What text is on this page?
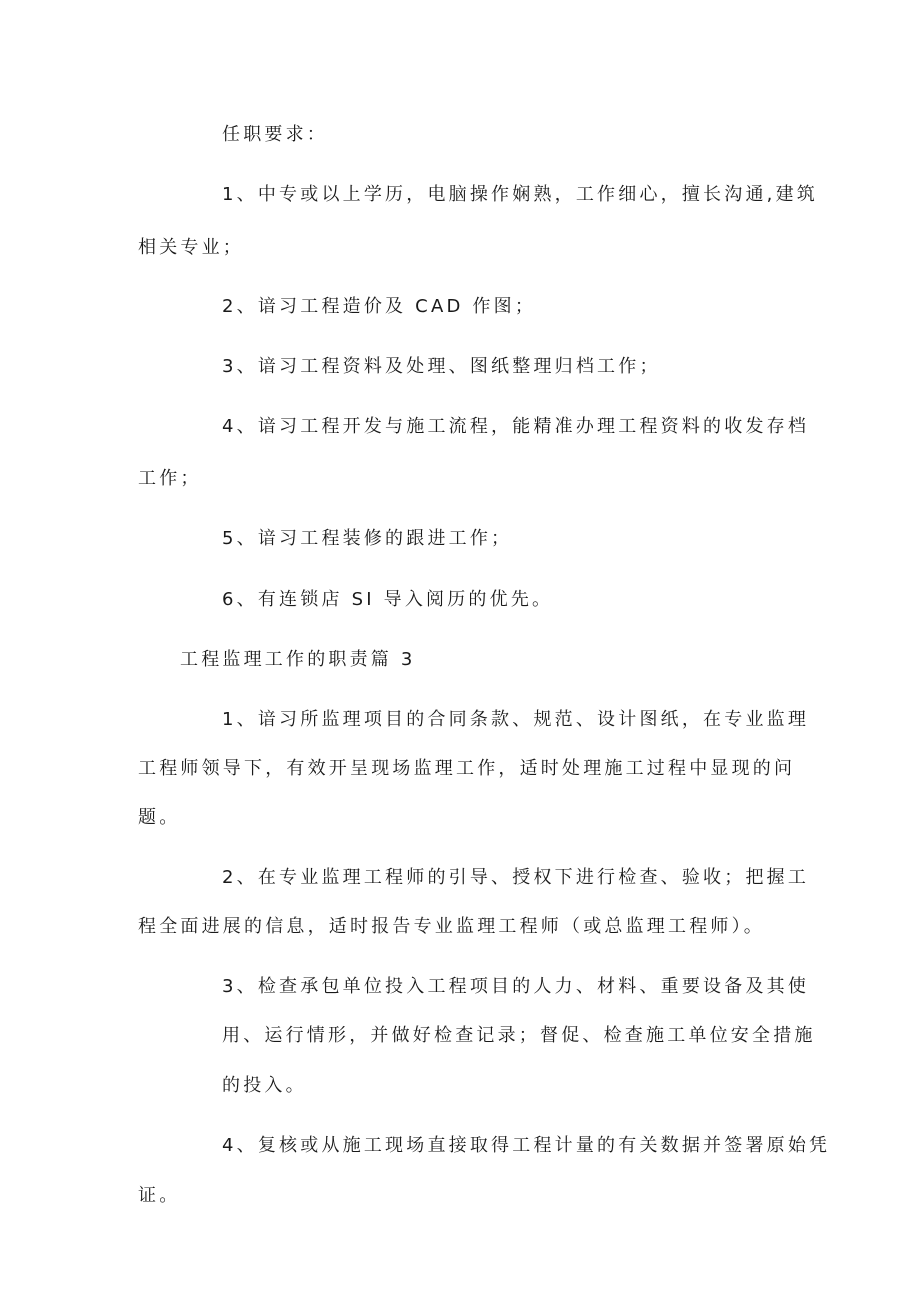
任职要求：
1、中专或以上学历，电脑操作娴熟，工作细心，擅长沟通,建筑
相关专业；
2、谙习工程造价及 CAD 作图；
3、谙习工程资料及处理、图纸整理归档工作；
4、谙习工程开发与施工流程，能精准办理工程资料的收发存档
工作；
5、谙习工程装修的跟进工作；
6、有连锁店 SI 导入阅历的优先。
工程监理工作的职责篇 3
1、谙习所监理项目的合同条款、规范、设计图纸，在专业监理
工程师领导下，有效开呈现场监理工作，适时处理施工过程中显现的问
题。
2、在专业监理工程师的引导、授权下进行检查、验收；把握工
程全面进展的信息，适时报告专业监理工程师（或总监理工程师）。
3、检查承包单位投入工程项目的人力、材料、重要设备及其使
用、运行情形，并做好检查记录；督促、检查施工单位安全措施
的投入。
4、复核或从施工现场直接取得工程计量的有关数据并签署原始凭
证。
